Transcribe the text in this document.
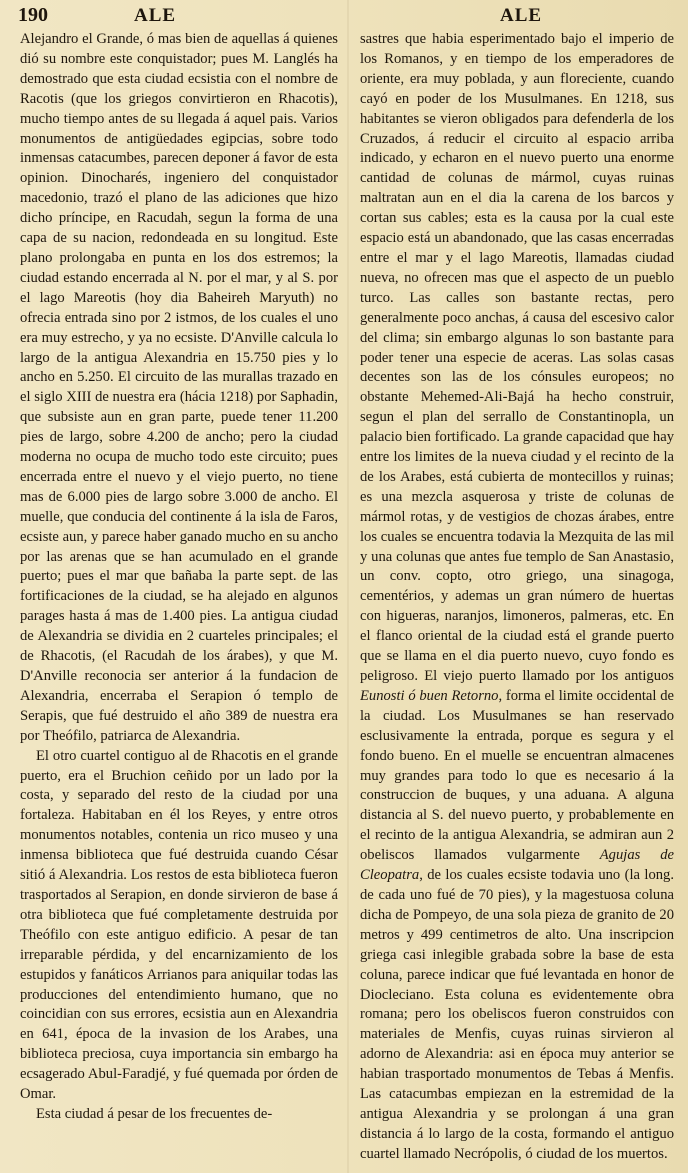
190	ALE	ALE

Alejandro el Grande, ó mas bien de aquellas á quienes dió su nombre este conquistador; pues M. Langlés ha demostrado que esta ciudad ecsistia con el nombre de Racotis (que los griegos convirtieron en Rhacotis), mucho tiempo antes de su llegada á aquel pais. Varios monumentos de antigüedades egipcias, sobre todo inmensas catacumbes, parecen deponer á favor de esta opinion. Dinocharés, ingeniero del conquistador macedonio, trazó el plano de las adiciones que hizo dicho príncipe, en Racudah, segun la forma de una capa de su nacion, redondeada en su longitud. Este plano prolongaba en punta en los dos estremos; la ciudad estando encerrada al N. por el mar, y al S. por el lago Mareotis (hoy dia Baheireh Maryuth) no ofrecia entrada sino por 2 istmos, de los cuales el uno era muy estrecho, y ya no ecsiste. D'Anville calcula lo largo de la antigua Alexandria en 15.750 pies y lo ancho en 5.250. El circuito de las murallas trazado en el siglo XIII de nuestra era (hácia 1218) por Saphadin, que subsiste aun en gran parte, puede tener 11.200 pies de largo, sobre 4.200 de ancho; pero la ciudad moderna no ocupa de mucho todo este circuito; pues encerrada entre el nuevo y el viejo puerto, no tiene mas de 6.000 pies de largo sobre 3.000 de ancho. El muelle, que conducia del continente á la isla de Faros, ecsiste aun, y parece haber ganado mucho en su ancho por las arenas que se han acumulado en el grande puerto; pues el mar que bañaba la parte sept. de las fortificaciones de la ciudad, se ha alejado en algunos parages hasta á mas de 1.400 pies. La antigua ciudad de Alexandria se dividia en 2 cuarteles principales; el de Rhacotis, (el Racudah de los árabes), y que M. D'Anville reconocia ser anterior á la fundacion de Alexandria, encerraba el Serapion ó templo de Serapis, que fué destruido el año 389 de nuestra era por Theófilo, patriarca de Alexandria.

El otro cuartel contiguo al de Rhacotis en el grande puerto, era el Bruchion ceñido por un lado por la costa, y separado del resto de la ciudad por una fortaleza. Habitaban en él los Reyes, y entre otros monumentos notables, contenia un rico museo y una inmensa biblioteca que fué destruida cuando César sitió á Alexandria. Los restos de esta biblioteca fueron trasportados al Serapion, en donde sirvieron de base á otra biblioteca que fué completamente destruida por Theófilo con este antiguo edificio. A pesar de tan irreparable pérdida, y del encarnizamiento de los estupidos y fanáticos Arrianos para aniquilar todas las producciones del entendimiento humano, que no coincidian con sus errores, ecsistia aun en Alexandria en 641, época de la invasion de los Arabes, una biblioteca preciosa, cuya importancia sin embargo ha ecsagerado Abul-Faradjé, y fué quemada por órden de Omar.

Esta ciudad á pesar de los frecuentes de-

sastres que habia esperimentado bajo el imperio de los Romanos, y en tiempo de los emperadores de oriente, era muy poblada, y aun floreciente, cuando cayó en poder de los Musulmanes. En 1218, sus habitantes se vieron obligados para defenderla de los Cruzados, á reducir el circuito al espacio arriba indicado, y echaron en el nuevo puerto una enorme cantidad de colunas de mármol, cuyas ruinas maltratan aun en el dia la carena de los barcos y cortan sus cables; esta es la causa por la cual este espacio está un abandonado, que las casas encerradas entre el mar y el lago Mareotis, llamadas ciudad nueva, no ofrecen mas que el aspecto de un pueblo turco. Las calles son bastante rectas, pero generalmente poco anchas, á causa del escesivo calor del clima; sin embargo algunas lo son bastante para poder tener una especie de aceras. Las solas casas decentes son las de los cónsules europeos; no obstante Mehemed-Ali-Bajá ha hecho construir, segun el plan del serrallo de Constantinopla, un palacio bien fortificado. La grande capacidad que hay entre los limites de la nueva ciudad y el recinto de la de los Arabes, está cubierta de montecillos y ruinas; es una mezcla asquerosa y triste de colunas de mármol rotas, y de vestigios de chozas árabes, entre los cuales se encuentra todavia la Mezquita de las mil y una colunas que antes fue templo de San Anastasio, un conv. copto, otro griego, una sinagoga, cementérios, y ademas un gran número de huertas con higueras, naranjos, limoneros, palmeras, etc. En el flanco oriental de la ciudad está el grande puerto que se llama en el dia puerto nuevo, cuyo fondo es peligroso. El viejo puerto llamado por los antiguos Eunosti ó buen Retorno, forma el limite occidental de la ciudad. Los Musulmanes se han reservado esclusivamente la entrada, porque es segura y el fondo bueno. En el muelle se encuentran almacenes muy grandes para todo lo que es necesario á la construccion de buques, y una aduana. A alguna distancia al S. del nuevo puerto, y probablemente en el recinto de la antigua Alexandria, se admiran aun 2 obeliscos llamados vulgarmente Agujas de Cleopatra, de los cuales ecsiste todavia uno (la long. de cada uno fué de 70 pies), y la magestuosa coluna dicha de Pompeyo, de una sola pieza de granito de 20 metros y 499 centimetros de alto. Una inscripcion griega casi inlegible grabada sobre la base de esta coluna, parece indicar que fué levantada en honor de Diocleciano. Esta coluna es evidentemente obra romana; pero los obeliscos fueron construidos con materiales de Menfis, cuyas ruinas sirvieron al adorno de Alexandria: asi en época muy anterior se habian trasportado monumentos de Tebas á Menfis. Las catacumbas empiezan en la estremidad de la antigua Alexandria y se prolongan á una gran distancia á lo largo de la costa, formando el antiguo cuartel llamado Necrópolis, ó ciudad de los muertos.
